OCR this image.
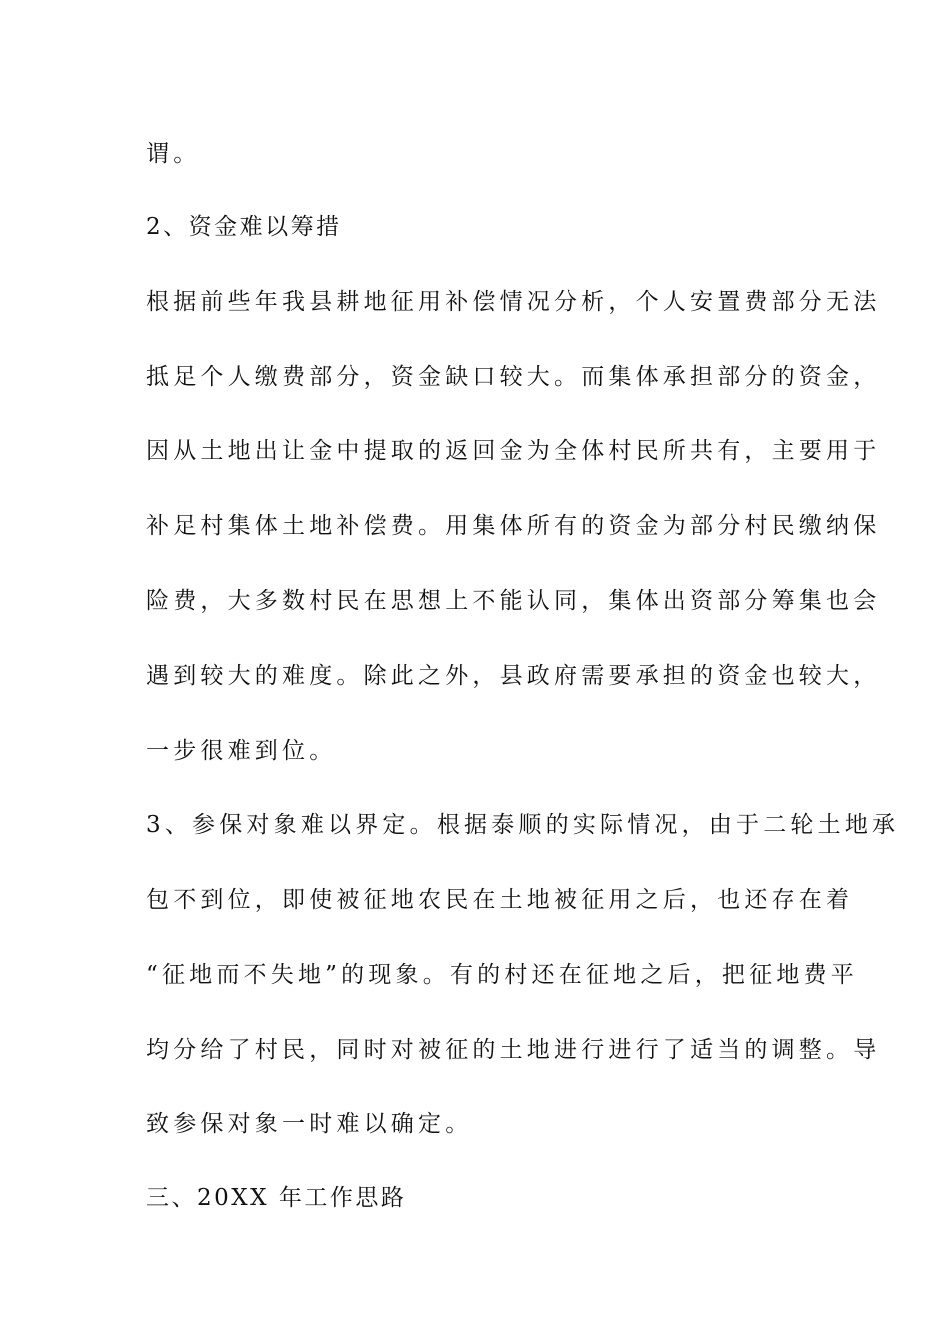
谓。
2、资金难以筹措
根据前些年我县耕地征用补偿情况分析，个人安置费部分无法
抵足个人缴费部分，资金缺口较大。而集体承担部分的资金，
因从土地出让金中提取的返回金为全体村民所共有，主要用于
补足村集体土地补偿费。用集体所有的资金为部分村民缴纳保
险费，大多数村民在思想上不能认同，集体出资部分筹集也会
遇到较大的难度。除此之外，县政府需要承担的资金也较大，
一步很难到位。
3、参保对象难以界定。根据泰顺的实际情况，由于二轮土地承
包不到位，即使被征地农民在土地被征用之后，也还存在着
“征地而不失地”的现象。有的村还在征地之后，把征地费平
均分给了村民，同时对被征的土地进行进行了适当的调整。导
致参保对象一时难以确定。
三、20XX 年工作思路
